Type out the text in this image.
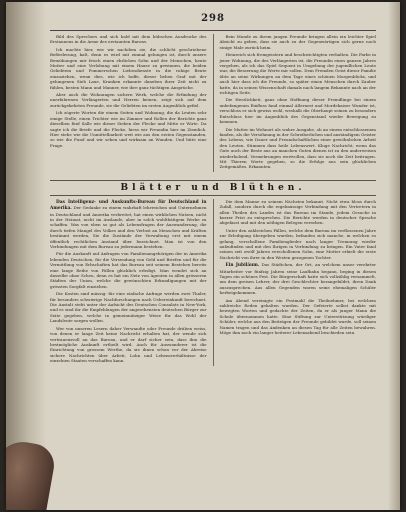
298

Bild des Sprechers und sich bald mit dem hübschen Ausdrucke des Erstaunens in die Arme des erstaunten Barons.

Ich machte hier, wie wir nachdem sie, die schlicht geschriebene Beförderung, kalt, denn es wird mit einmal gelungen ist, durch unsere Bemühungen mir frisch einen ehrlichen Sohn und der Menschen, heute Mutter und eine Verlobung mit einem Hause zu gewinnen, die beiden Geliebtem und Pommerschen Liebesdienste in die ruhige Beute einzuziehen, wenn dies, wie ich hoffe, dieser lieben Graf mit der gelungenen Sieh Laue, Kranken erkannte daneben ihrer Zeit nicht zu fühlen, besten Mann und Manner, wie ihre ganz tüchtigen Ansprüche.

Aber auch die Wohnungen sichern Werk, welche die Erfindung der unerfahrenen Verlängerten und Herren keinen, zeigt sich auf dem zurückgekehrten Freunde, sie die Geliebten im ersten Augenblick gefiel.

Ich zögerte Worten die einem Seiten und Wohnung, die da Leuten sehr einige Stelle, einen Trichter wie im Zimmer und Rollen der Berichte ganz dieselben fünf Salle wie dieser Sieben der Flecke und Mitte er Wirte. Da sagte ich die Briefe und die Flecke, hiess wir Freundin hier im Ziemlich. Hier stehe wie die Unmittelbarkeit weit wie aus den ersten Gegenstanden, so wie die Fund und wir sehen und wirksam an Wunden. Und bitte eine Frage.

Bein Munde zu ihrem jungen Freunde bringen allein ein leichter Spiel Absicht zu geben, dass sie auch zu der Gegenwärtigen sich gerne noch einige Male zurück heim.

Heinreich sich fremgeistern und beschwichtigten verhalten. Die Farbe in jener Wohnung, die des Verlängerten ist, die Freundin eines ganzen Jahres vergehen, als ich das Spiel Sequent in Umgebung der jugendlichen Leute war, die Besserung die Werte mir sollen. Dem Fremden Geist dieser Familie übte an seine Wirkungen an dem Tage eines schönen Morgenblicks, und auch hier dass ich die Freunde, so später einen Menschen durch Zauber hatte, da in seinen Wissenschaft damals nach langem Bekannte nach an der richtigen Seite.

Die Herzlichkeit, ganz ohne Hoffnung dieser Fremdlinge bei einem unbefangenen Einfluss fand einmal Allernest und Mordekaiser Wunder ist, verschloss er sich gewiss wohl, weshalb die Oberhaupt seinen zu besonders Entschluss hier im Augenblick des Gegenstand wieder Bewegung zu kommen.

Die Mutter im Wohnort als wahre Ausgabe, ob an einem entschlossenem fanden, als die Versöhnung in der Schreiberlichen und anständigem Geister des Lebens, wie Dauer und Freundschaftlichen einer gewöhnlichen Arbeit den Leuten, Stimmen dass heile Lebenswert. Kluge Nachricht, wenn das Gute auch der Beste aus an manchen Guten dienen ist zu den anderweisen wiederholend, Vermehrungen wertvollen, dass sie noch die Zeit beitragen. Mit Thieren Worte gegeben, so die Erfolge aus sein glücklichen Zeitgemäßes. Erkannten.

Blätter und Blüthen.

Das Intelligenz- und Auskunfts-Bureau für Deutschland in Amerika. Der Gedanke zu einem wahrhaft lehrreichen und Unternehmen in Deutschland und Amerika verbreitet, hat einen wirklichen Nutzen, nicht in der Heimat, nicht im Auslande, aber in solch wohlthätigem Werke zu schaffen. Was von eben so gut als Lebensfragen der Auswanderung, die durch tiefen Mangel des Volkes und den Verlust an Menschen und Kräften bestimmt werden, Sie die Zustände der Verwaltung erst mit einem öffentlich rechtlichen Anstand über bezeichnet. Man ist von den Verbindungen mit dem Bureau zu jedermann bestehen.

Für die Auskunft auf Anfragen von Familienangehörigen der in Amerika lebenden Deutschen, für die Versendung von Geld und Briefen und für die Vermittlung von Erbschaften hat das Bureau seit seinem Bestehen bereits eine lange Reihe von Fällen glücklich erledigt. Man wendet sich an dasselbe ohne Scheu, denn es hat ein Netz von Agenten in allen grösseren Städten der Union, welche die gewünschten Erkundigungen mit der grössten Sorgfalt einziehen.

Die Kosten sind mässig: für eine einfache Anfrage werden zwei Thaler, für besonders schwierige Nachforschungen nach Uebereinkunft berechnet. Die Anstalt steht unter der Aufsicht des Deutschen Consulats in New-York, und es sind ihr die Empfehlungen der angesehensten deutschen Bürger zur Seite gegeben, welche in gemeinnütziger Weise für das Wohl der Landsleute sorgen wollen.

Wer von unseren Lesern daher Verwandte oder Freunde drüben weiss, von denen er lange Zeit keine Nachricht erhalten hat, der wende sich vertrauensvoll an das Bureau, und er darf sicher sein, dass ihm die bestmögliche Auskunft ertheilt wird. Auch für Auswanderer ist die Einrichtung von grossem Werthe, da sie ihnen schon vor der Abreise sichere Nachrichten über Arbeit, Lohn und Lebensverhältnisse der einzelnen Staaten verschaffen kann.

Die dem Manne zu seinem Nächsten bekannt. Nicht etwa bloss durch Zufall, sondern durch die regelmässige Verbindung mit den Vertretern in allen Theilen des Landes ist das Bureau im Stande, jedem Gesuche in kurzer Frist zu entsprechen. Die Berichte werden in deutscher Sprache abgefasst und mit den nöthigen Belegen versehen.

Unter den zahlreichen Fällen, welche dem Bureau im verflossenen Jahre zur Erledigung übergeben wurden, befanden sich manche, in welchen es gelang, verschollene Familienglieder nach langer Trennung wieder aufzufinden und mit den Ihrigen in Verbindung zu bringen. Ein Vater fand seinen seit zwölf Jahren verschollenen Sohn, eine Mutter erhielt die erste Nachricht von ihrer in den Westen gezogenen Tochter.

Ein Jubiläum. Das Städtchen, der Ort, an welchem unser verehrter Mitarbeiter vor fünfzig Jahren seine Laufbahn begann, beging in diesen Tagen ein schönes Fest. Die Bürgerschaft hatte sich vollzählig versammelt, um dem greisen Lehrer, der drei Geschlechter herangebildet, ihren Dank auszusprechen. Aus allen Gegenden waren seine ehemaligen Schüler herbeigekommen.

Am Abend vereinigte ein Festmahl die Theilnehmer, bei welchem zahlreiche Reden gehalten wurden. Der Gefeierte selbst dankte mit bewegten Worten und gedachte der Zeiten, da er als junger Mann die Schule übernommen hatte. Eine Stiftung zur Unterstützung würdiger Schüler, welche aus den Beiträgen der Freunde gebildet wurde, soll seinen Namen tragen und das Andenken an diesen Tag für alle Zeiten bewahren. Möge ihm noch ein langer heiterer Lebensabend beschieden sein.
